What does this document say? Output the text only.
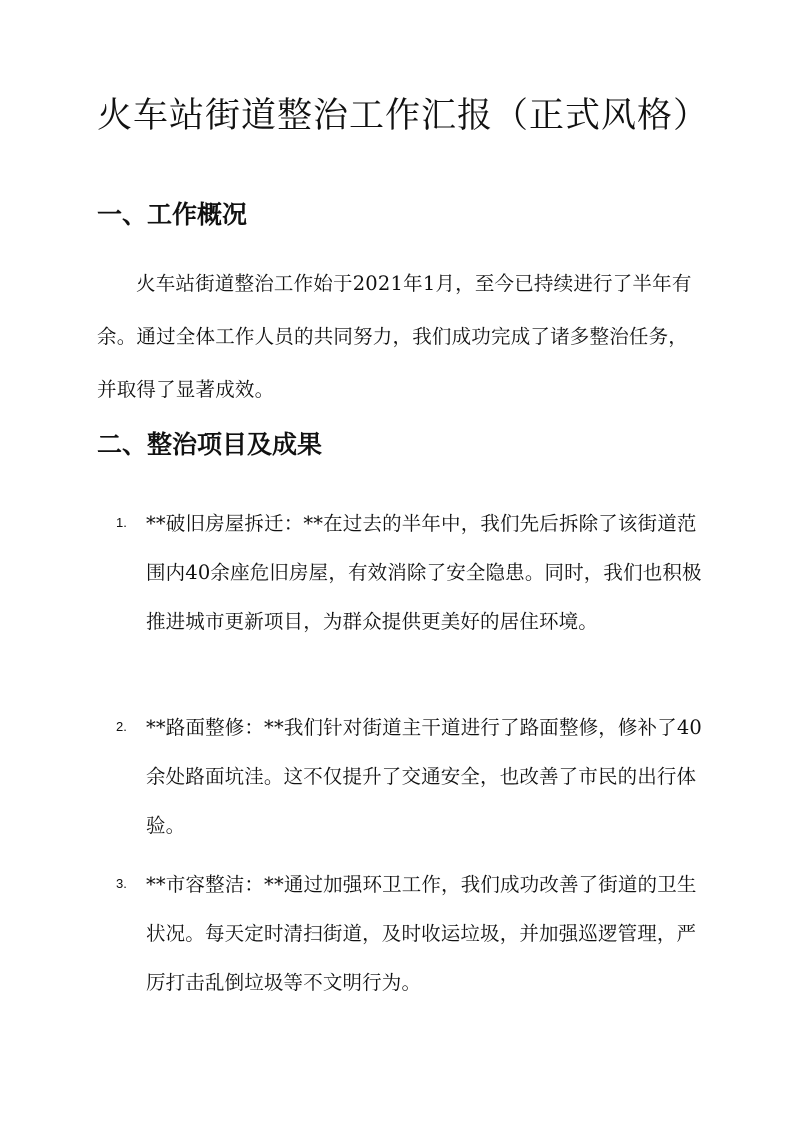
火车站街道整治工作汇报（正式风格）
一、工作概况

火车站街道整治工作始于2021年1月，至今已持续进行了半年有余。通过全体工作人员的共同努力，我们成功完成了诸多整治任务，并取得了显著成效。

二、整治项目及成果
1. **破旧房屋拆迁：**在过去的半年中，我们先后拆除了该街道范围内40余座危旧房屋，有效消除了安全隐患。同时，我们也积极推进城市更新项目，为群众提供更美好的居住环境。

2. **路面整修：**我们针对街道主干道进行了路面整修，修补了40余处路面坑洼。这不仅提升了交通安全，也改善了市民的出行体验。

3. **市容整洁：**通过加强环卫工作，我们成功改善了街道的卫生状况。每天定时清扫街道，及时收运垃圾，并加强巡逻管理，严厉打击乱倒垃圾等不文明行为。
